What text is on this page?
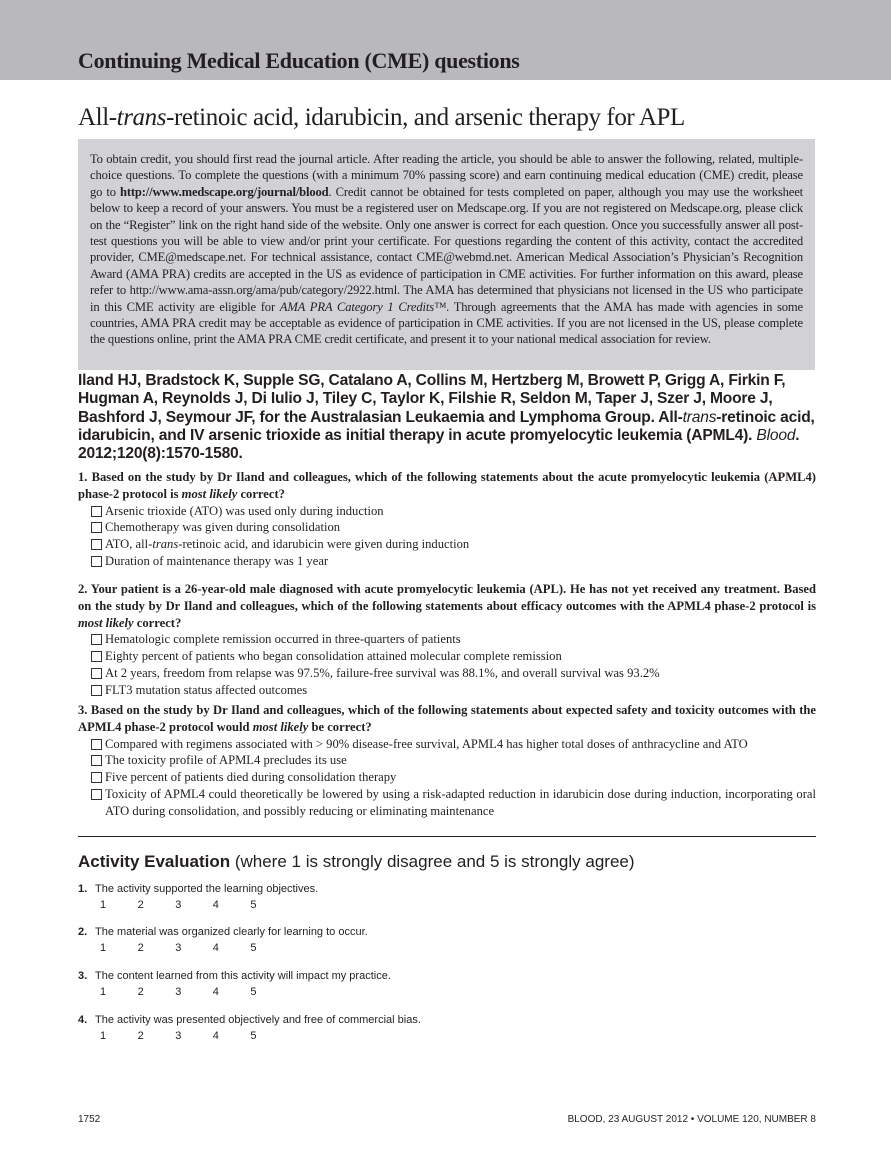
Continuing Medical Education (CME) questions
All-trans-retinoic acid, idarubicin, and arsenic therapy for APL
To obtain credit, you should first read the journal article. After reading the article, you should be able to answer the following, related, multiple-choice questions. To complete the questions (with a minimum 70% passing score) and earn continuing medical education (CME) credit, please go to http://www.medscape.org/journal/blood. Credit cannot be obtained for tests completed on paper, although you may use the worksheet below to keep a record of your answers. You must be a registered user on Medscape.org. If you are not registered on Medscape.org, please click on the “Register” link on the right hand side of the website. Only one answer is correct for each question. Once you successfully answer all post-test questions you will be able to view and/or print your certificate. For questions regarding the content of this activity, contact the accredited provider, CME@medscape.net. For technical assistance, contact CME@webmd.net. American Medical Association’s Physician’s Recognition Award (AMA PRA) credits are accepted in the US as evidence of participation in CME activities. For further information on this award, please refer to http://www.ama-assn.org/ama/pub/category/2922.html. The AMA has determined that physicians not licensed in the US who participate in this CME activity are eligible for AMA PRA Category 1 Credits™. Through agreements that the AMA has made with agencies in some countries, AMA PRA credit may be acceptable as evidence of participation in CME activities. If you are not licensed in the US, please complete the questions online, print the AMA PRA CME credit certificate, and present it to your national medical association for review.
Iland HJ, Bradstock K, Supple SG, Catalano A, Collins M, Hertzberg M, Browett P, Grigg A, Firkin F, Hugman A, Reynolds J, Di Iulio J, Tiley C, Taylor K, Filshie R, Seldon M, Taper J, Szer J, Moore J, Bashford J, Seymour JF, for the Australasian Leukaemia and Lymphoma Group. All-trans-retinoic acid, idarubicin, and IV arsenic trioxide as initial therapy in acute promyelocytic leukemia (APML4). Blood. 2012;120(8):1570-1580.
1. Based on the study by Dr Iland and colleagues, which of the following statements about the acute promyelocytic leukemia (APML4) phase-2 protocol is most likely correct?
Arsenic trioxide (ATO) was used only during induction
Chemotherapy was given during consolidation
ATO, all-trans-retinoic acid, and idarubicin were given during induction
Duration of maintenance therapy was 1 year
2. Your patient is a 26-year-old male diagnosed with acute promyelocytic leukemia (APL). He has not yet received any treatment. Based on the study by Dr Iland and colleagues, which of the following statements about efficacy outcomes with the APML4 phase-2 protocol is most likely correct?
Hematologic complete remission occurred in three-quarters of patients
Eighty percent of patients who began consolidation attained molecular complete remission
At 2 years, freedom from relapse was 97.5%, failure-free survival was 88.1%, and overall survival was 93.2%
FLT3 mutation status affected outcomes
3. Based on the study by Dr Iland and colleagues, which of the following statements about expected safety and toxicity outcomes with the APML4 phase-2 protocol would most likely be correct?
Compared with regimens associated with > 90% disease-free survival, APML4 has higher total doses of anthracycline and ATO
The toxicity profile of APML4 precludes its use
Five percent of patients died during consolidation therapy
Toxicity of APML4 could theoretically be lowered by using a risk-adapted reduction in idarubicin dose during induction, incorporating oral ATO during consolidation, and possibly reducing or eliminating maintenance
Activity Evaluation (where 1 is strongly disagree and 5 is strongly agree)
1. The activity supported the learning objectives.
1	2	3	4	5
2. The material was organized clearly for learning to occur.
1	2	3	4	5
3. The content learned from this activity will impact my practice.
1	2	3	4	5
4. The activity was presented objectively and free of commercial bias.
1	2	3	4	5
1752	BLOOD, 23 AUGUST 2012 • VOLUME 120, NUMBER 8
